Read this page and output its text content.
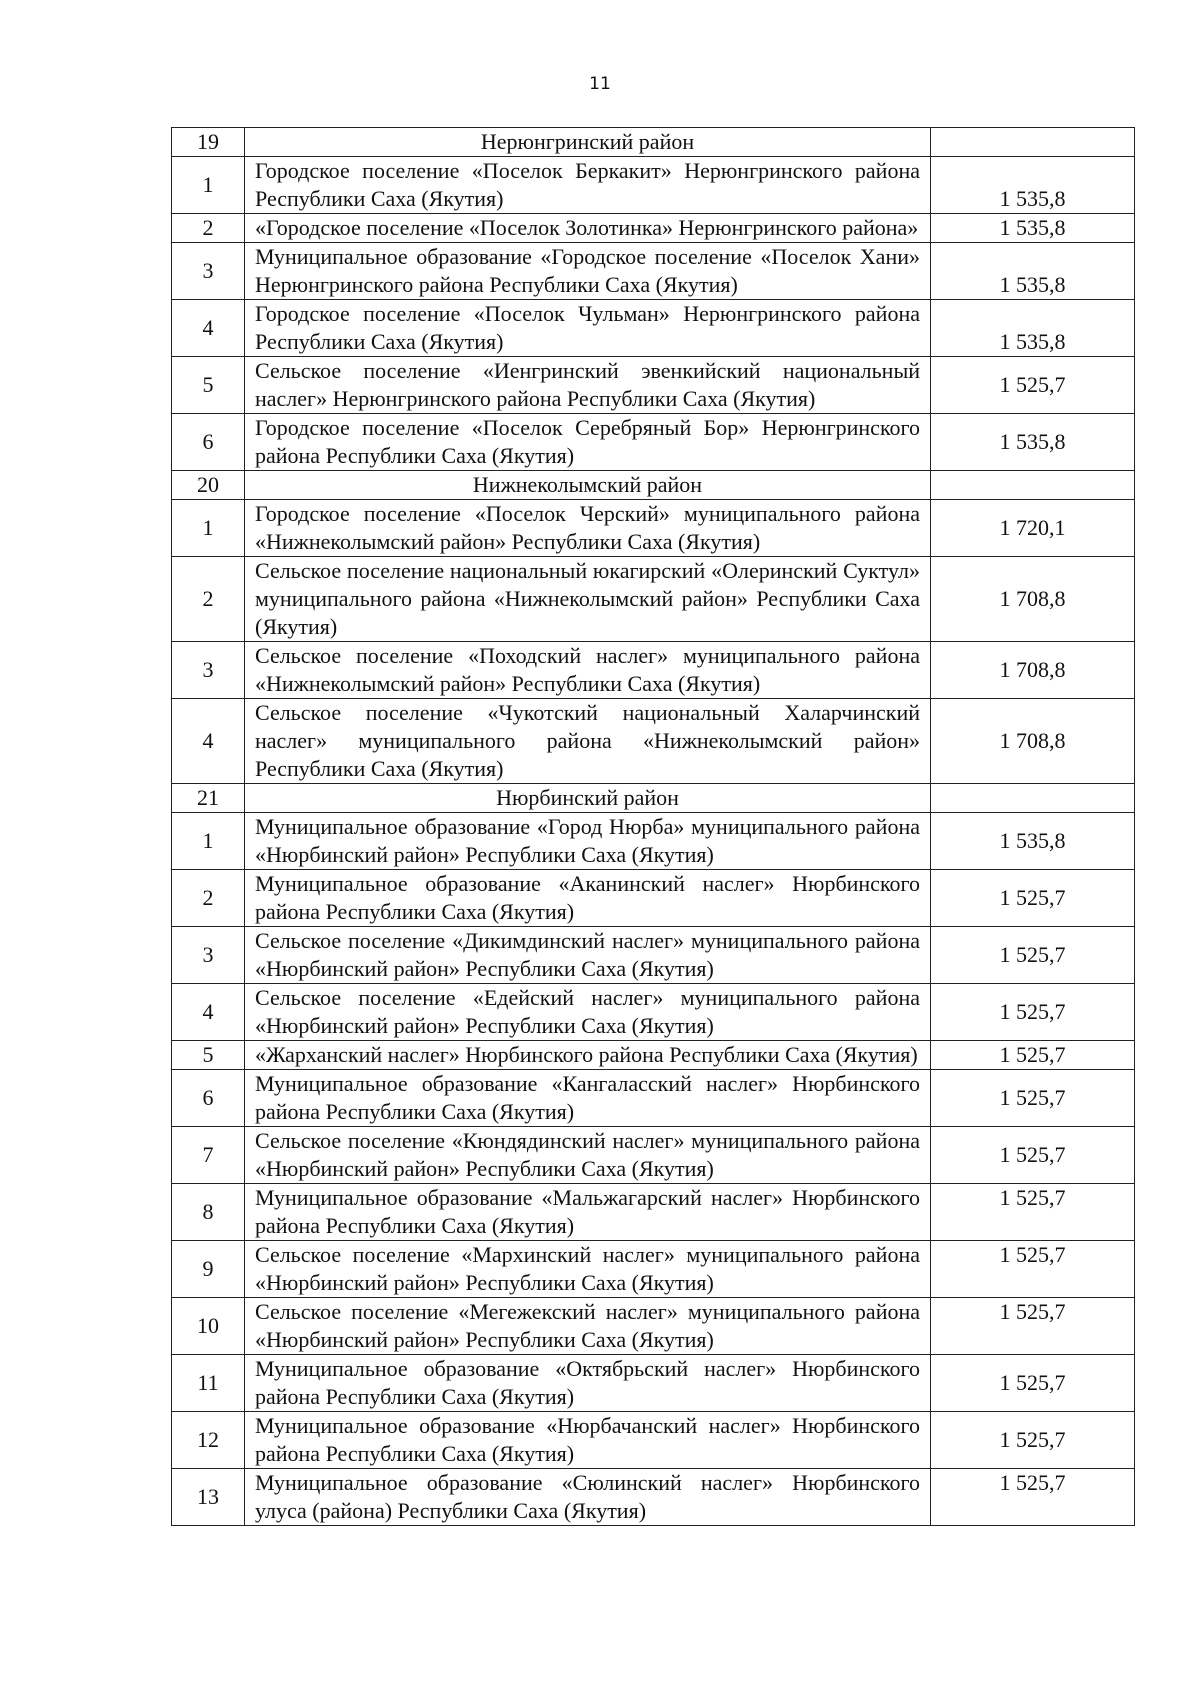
11
19	Нерюнгринский район	
1	Городское поселение «Поселок Беркакит» Нерюнгринского района Республики Саха (Якутия)	1 535,8
2	«Городское поселение «Поселок Золотинка» Нерюнгринского района»	1 535,8
3	Муниципальное образование «Городское поселение «Поселок Хани» Нерюнгринского района Республики Саха (Якутия)	1 535,8
4	Городское поселение «Поселок Чульман» Нерюнгринского района Республики Саха (Якутия)	1 535,8
5	Сельское поселение «Иенгринский эвенкийский национальный наслег» Нерюнгринского района Республики Саха (Якутия)	1 525,7
6	Городское поселение «Поселок Серебряный Бор» Нерюнгринского района Республики Саха (Якутия)	1 535,8
20	Нижнеколымский район	
1	Городское поселение «Поселок Черский» муниципального района «Нижнеколымский район» Республики Саха (Якутия)	1 720,1
2	Сельское поселение национальный юкагирский «Олеринский Суктул» муниципального района «Нижнеколымский район» Республики Саха (Якутия)	1 708,8
3	Сельское поселение «Походский наслег» муниципального района «Нижнеколымский район» Республики Саха (Якутия)	1 708,8
4	Сельское поселение «Чукотский национальный Халарчинский наслег» муниципального района «Нижнеколымский район» Республики Саха (Якутия)	1 708,8
21	Нюрбинский район	
1	Муниципальное образование «Город Нюрба» муниципального района «Нюрбинский район» Республики Саха (Якутия)	1 535,8
2	Муниципальное образование «Аканинский наслег» Нюрбинского района Республики Саха (Якутия)	1 525,7
3	Сельское поселение «Дикимдинский наслег» муниципального района «Нюрбинский район» Республики Саха (Якутия)	1 525,7
4	Сельское поселение «Едейский наслег» муниципального района «Нюрбинский район» Республики Саха (Якутия)	1 525,7
5	«Жарханский наслег» Нюрбинского района Республики Саха (Якутия)	1 525,7
6	Муниципальное образование «Кангаласский наслег» Нюрбинского района Республики Саха (Якутия)	1 525,7
7	Сельское поселение «Кюндядинский наслег» муниципального района «Нюрбинский район» Республики Саха (Якутия)	1 525,7
8	Муниципальное образование «Мальжагарский наслег» Нюрбинского района Республики Саха (Якутия)	1 525,7
9	Сельское поселение «Мархинский наслег» муниципального района «Нюрбинский район» Республики Саха (Якутия)	1 525,7
10	Сельское поселение «Мегежекский наслег» муниципального района «Нюрбинский район» Республики Саха (Якутия)	1 525,7
11	Муниципальное образование «Октябрьский наслег» Нюрбинского района Республики Саха (Якутия)	1 525,7
12	Муниципальное образование «Нюрбачанский наслег» Нюрбинского района Республики Саха (Якутия)	1 525,7
13	Муниципальное образование «Сюлинский наслег» Нюрбинского улуса (района) Республики Саха (Якутия)	1 525,7
